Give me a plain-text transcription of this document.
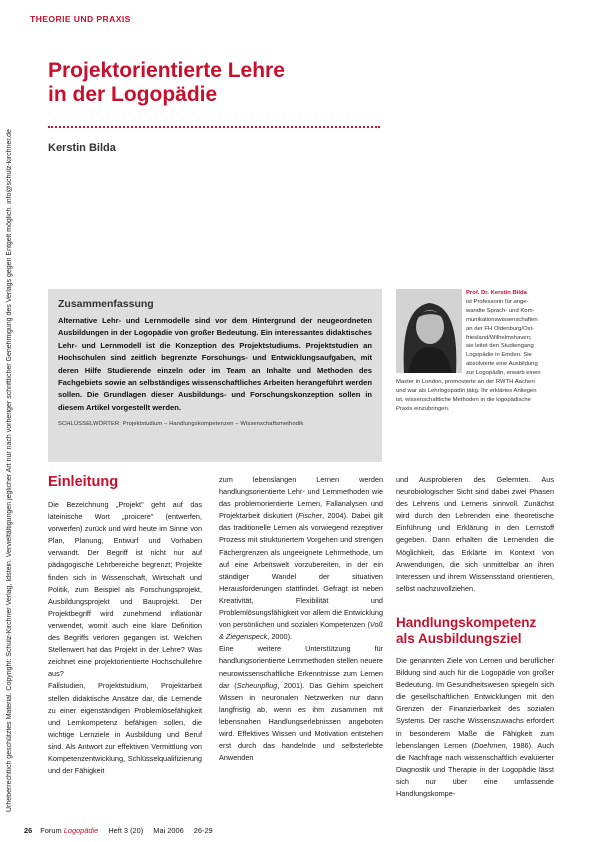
THEORIE UND PRAXIS
Urheberrechtlich geschütztes Material. Copyright: Schulz-Kirchner Verlag, Idstein. Vervielfältigungen jeglicher Art nur nach vorheriger schriftlicher Genehmigung des Verlags gegen Entgelt möglich. info@schulz-kirchner.de
Projektorientierte Lehre
in der Logopädie
Kerstin Bilda
Zusammenfassung
Alternative Lehr- und Lernmodelle sind vor dem Hintergrund der neugeordneten Ausbildungen in der Logopädie von großer Bedeutung. Ein interessantes didaktisches Lehr- und Lernmodell ist die Konzeption des Projektstudiums. Projektstudien an Hochschulen sind zeitlich begrenzte Forschungs- und Entwicklungsaufgaben, mit deren Hilfe Studierende einzeln oder im Team an Inhalte und Methoden des Fachgebiets sowie an selbständiges wissenschaftliches Arbeiten herangeführt werden sollen. Die Grundlagen dieser Ausbildungs- und Forschungskonzeption sollen in diesem Artikel vorgestellt werden.
SCHLÜSSELWÖRTER: Projektstudium – Handlungskompetenzen – Wissenschaftsmethodik
Prof. Dr. Kerstin Bilda
ist Professorin für ange-
wandte Sprach- und Kom-
munikationswissenschaften
an der FH Oldenburg/Ost-
friesland/Wilhelmshaven;
sie leitet den Studiengang
Logopädie in Emden. Sie
absolvierte eine Ausbildung
zur Logopädin, erwarb einen
Master in London, promovierte an der RWTH Aachen
und war als Lehrlogopädin tätig. Ihr erklärtes Anliegen
ist, wissenschaftliche Methoden in die logopädische
Praxis einzubringen.
Einleitung

Die Bezeichnung „Projekt" geht auf das lateinische Wort „proicere" (entwerfen, vorwerfen) zurück und wird heute im Sinne von Plan, Planung, Entwurf und Vorhaben verwandt. Der Begriff ist nicht nur auf pädagogische Lehrbereiche begrenzt; Projekte finden sich in Wissenschaft, Wirtschaft und Politik, zum Beispiel als Forschungsprojekt, Ausbildungsprojekt und Bauprojekt. Der Projektbegriff wird zunehmend inflationär verwendet, womit auch eine klare Definition des Begriffs verloren gegangen ist. Welchen Stellenwert hat das Projekt in der Lehre? Was zeichnet eine projektorientierte Hochschullehre aus?

Fallstudien, Projektstudium, Projektarbeit stellen didaktische Ansätze dar, die Lernende zu einer eigenständigen Problemlösefähigkeit und Lernkompetenz befähigen sollen, die wichtige Lernziele in Ausbildung und Beruf sind. Als Antwort zur effektiven Vermittlung von Kompetenzentwicklung, Schlüsselqualifizierung und der Fähigkeit

zum lebenslangen Lernen werden handlungsorientierte Lehr- und Lernmethoden wie das problemorientierte Lernen, Fallanalysen und Projektarbeit diskutiert (Fischer, 2004). Dabei gilt das traditionelle Lernen als vorwiegend rezeptiver Prozess mit strukturiertem Vorgehen und strengen Fächergrenzen als ungeeignete Lehrmethode, um auf eine Arbeitswelt vorzubereiten, in der ein ständiger Wandel der situativen Herausforderungen stattfindet. Gefragt ist neben Kreativität, Flexibilität und Problemlösungsfähigkeit vor allem die Entwicklung von persönlichen und sozialen Kompetenzen (Voß & Ziegenspeck, 2000).

Eine weitere Unterstützung für handlungsorientierte Lernmethoden stellen neuere neurowissenschaftliche Erkenntnisse zum Lernen dar (Scheunpflug, 2001). Das Gehirn speichert Wissen in neuronalen Netzwerken nur dann langfristig ab, wenn es ihm zusammen mit lebensnahen Handlungserlebnissen angeboten wird. Effektives Wissen und Motivation entstehen erst durch das handelnde und selbsterlebte Anwenden

und Ausprobieren des Gelernten. Aus neurobiologischer Sicht sind dabei zwei Phasen des Lehrens und Lernens sinnvoll. Zunächst wird durch den Lehrenden eine theoretische Einführung und Erklärung in den Lernstoff gegeben. Dann erhalten die Lernenden die Möglichkeit, das Erklärte im Kontext von Anwendungen, die sich unmittelbar an ihren Interessen und ihrem Wissensstand orientieren, selbst nachzuvollziehen.

Handlungskompetenz
als Ausbildungsziel

Die genannten Ziele von Lernen und beruflicher Bildung sind auch für die Logopädie von großer Bedeutung. Im Gesundheitswesen spiegeln sich die gesellschaftlichen Entwicklungen mit den Grenzen der Finanzierbarkeit des sozialen Systems. Der rasche Wissenszuwachs erfordert in besonderem Maße die Fähigkeit zum lebenslangen Lernen (Doehmen, 1986). Auch die Nachfrage nach wissenschaftlich evaluierter Diagnostik und Therapie in der Logopädie lässt sich nur über eine umfassende Handlungskompe-

26 Forum Logopädie Heft 3 (20) Mai 2006 26-29
